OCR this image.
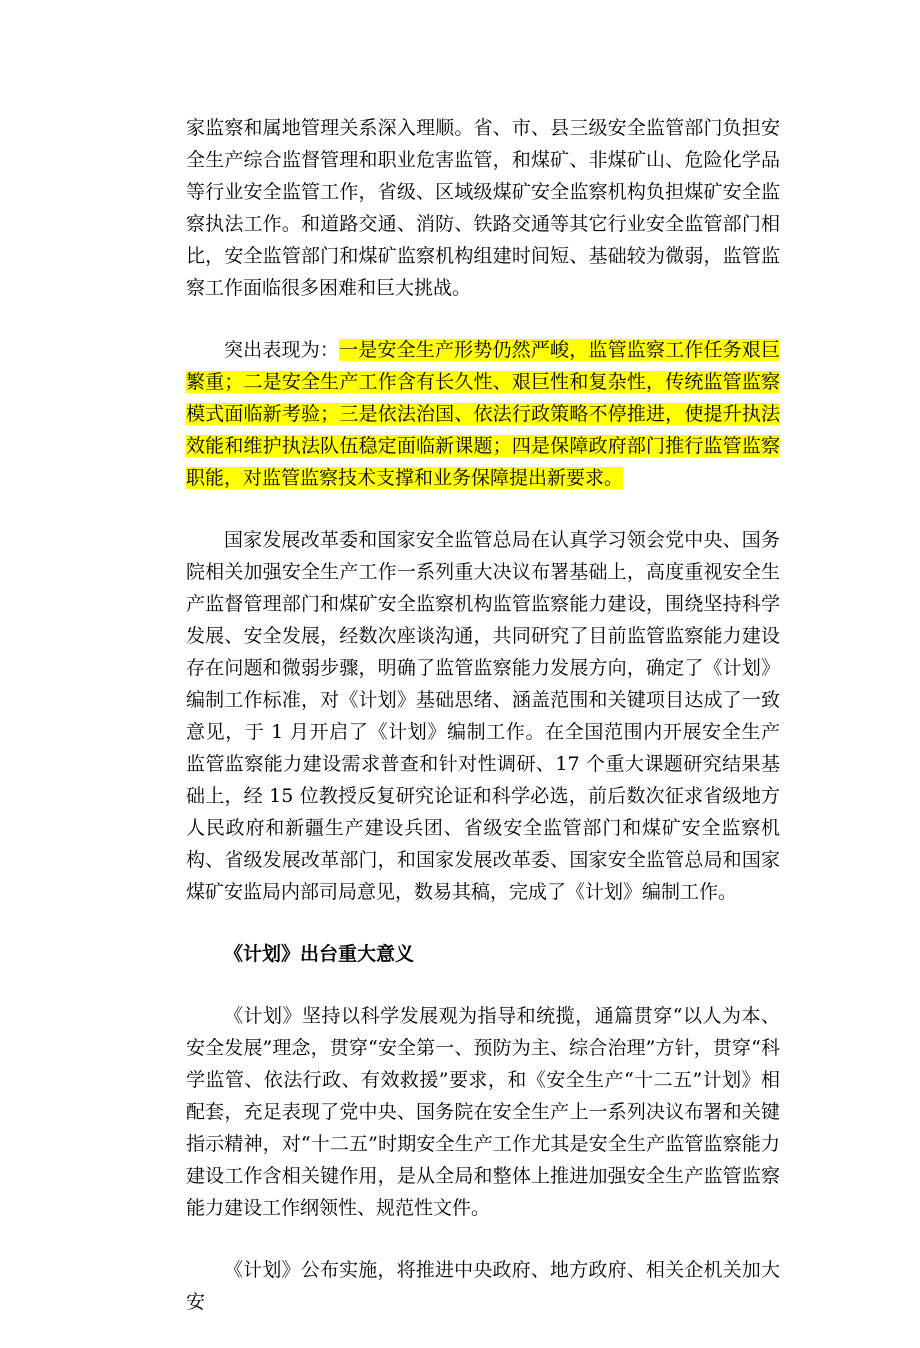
家监察和属地管理关系深入理顺。省、市、县三级安全监管部门负担安全生产综合监督管理和职业危害监管，和煤矿、非煤矿山、危险化学品等行业安全监管工作，省级、区域级煤矿安全监察机构负担煤矿安全监察执法工作。和道路交通、消防、铁路交通等其它行业安全监管部门相比，安全监管部门和煤矿监察机构组建时间短、基础较为微弱，监管监察工作面临很多困难和巨大挑战。

突出表现为：一是安全生产形势仍然严峻，监管监察工作任务艰巨繁重；二是安全生产工作含有长久性、艰巨性和复杂性，传统监管监察模式面临新考验；三是依法治国、依法行政策略不停推进，使提升执法效能和维护执法队伍稳定面临新课题；四是保障政府部门推行监管监察职能，对监管监察技术支撑和业务保障提出新要求。

国家发展改革委和国家安全监管总局在认真学习领会党中央、国务院相关加强安全生产工作一系列重大决议布署基础上，高度重视安全生产监督管理部门和煤矿安全监察机构监管监察能力建设，围绕坚持科学发展、安全发展，经数次座谈沟通，共同研究了目前监管监察能力建设存在问题和微弱步骤，明确了监管监察能力发展方向，确定了《计划》编制工作标准，对《计划》基础思绪、涵盖范围和关键项目达成了一致意见，于 1 月开启了《计划》编制工作。在全国范围内开展安全生产监管监察能力建设需求普查和针对性调研、17 个重大课题研究结果基础上，经 15 位教授反复研究论证和科学必选，前后数次征求省级地方人民政府和新疆生产建设兵团、省级安全监管部门和煤矿安全监察机构、省级发展改革部门，和国家发展改革委、国家安全监管总局和国家煤矿安监局内部司局意见，数易其稿，完成了《计划》编制工作。

《计划》出台重大意义

《计划》坚持以科学发展观为指导和统揽，通篇贯穿“以人为本、安全发展”理念，贯穿“安全第一、预防为主、综合治理”方针，贯穿“科学监管、依法行政、有效救援”要求，和《安全生产“十二五”计划》相配套，充足表现了党中央、国务院在安全生产上一系列决议布署和关键指示精神，对“十二五”时期安全生产工作尤其是安全生产监管监察能力建设工作含相关键作用，是从全局和整体上推进加强安全生产监管监察能力建设工作纲领性、规范性文件。

《计划》公布实施，将推进中央政府、地方政府、相关企机关加大安
